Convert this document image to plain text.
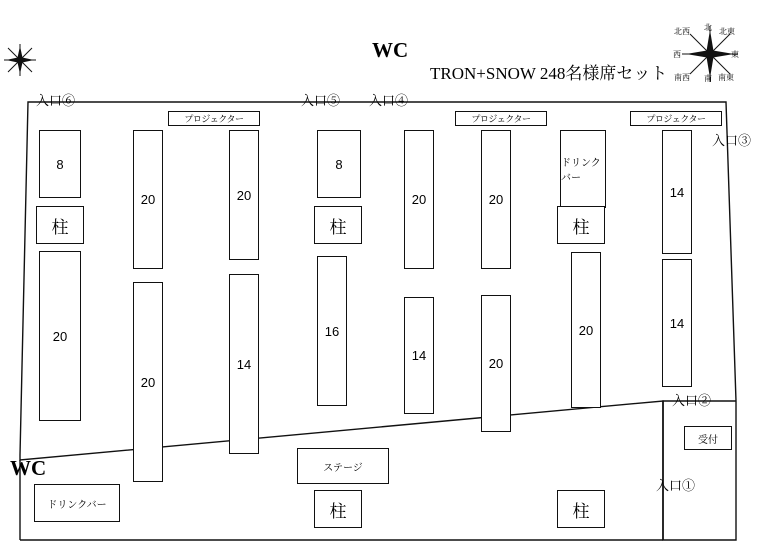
北西 北 北東
西	東
南西 南 南東
WC
TRON+SNOW 248名様席セット
WC
入口⑥	入口⑤ 入口④
入口③
入口②
入口①
プロジェクター	プロジェクター	プロジェクター
8
柱
20
20
20
20
14
8
柱
16
20
14
20
20
ドリンクバー
柱
20
14
14
ステージ
柱	柱
ドリンクバー
受付
